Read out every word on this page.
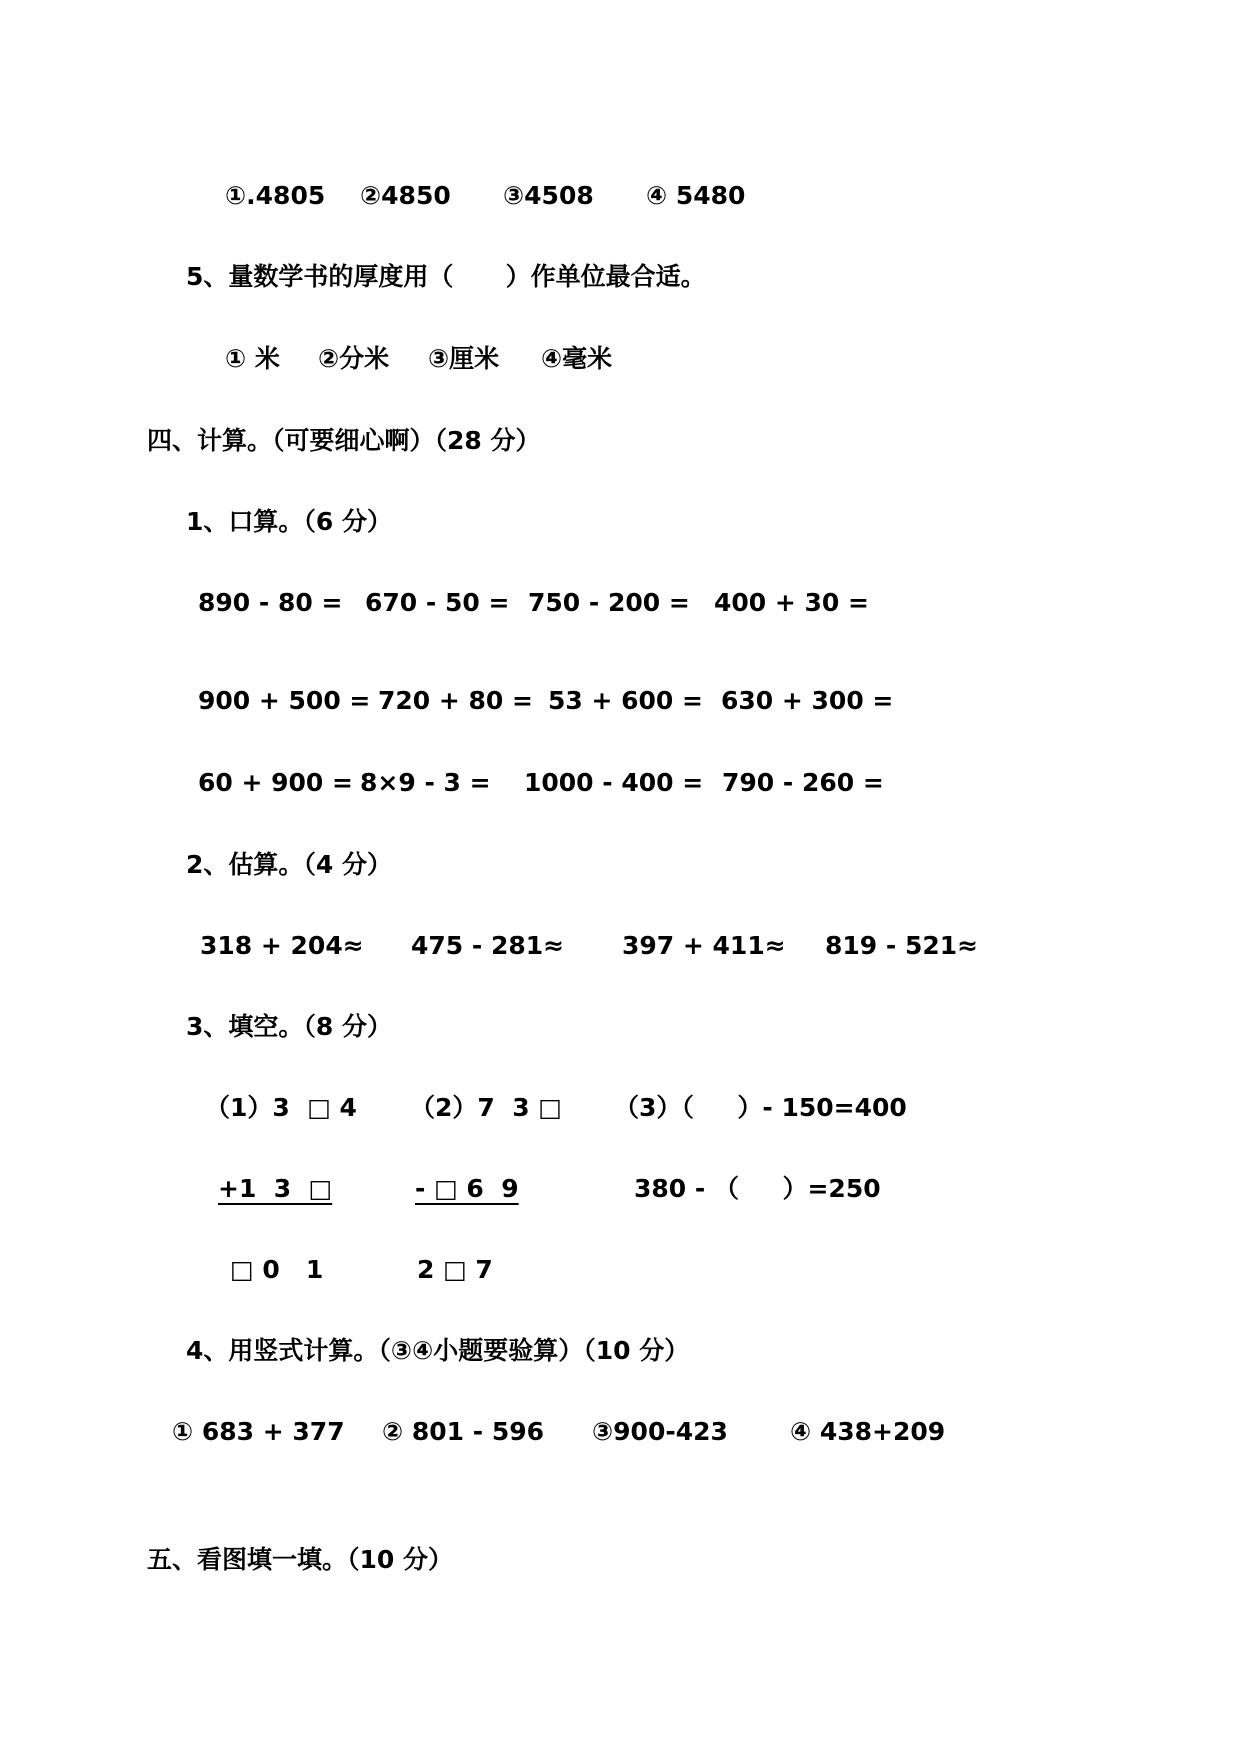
①.4805 ②4850 ③4508 ④ 5480
5、量数学书的厚度用（      ）作单位最合适。
① 米 ②分米 ③厘米 ④毫米
四、计算。（可要细心啊）（28 分）
1、口算。（6 分）
890 - 80 = 670 - 50 = 750 - 200 = 400 + 30 =
900 + 500 = 720 + 80 = 53 + 600 = 630 + 300 =
60 + 900 = 8×9 - 3 = 1000 - 400 = 790 - 260 =
2、估算。（4 分）
318 + 204≈ 475 - 281≈ 397 + 411≈ 819 - 521≈
3、填空。（8 分）
（1）3  □ 4 （2）7  3 □ （3）（     ）- 150=400
+1  3  □	- □ 6  9	380 - （     ）=250
□ 0   1	2 □ 7
4、用竖式计算。（③④小题要验算）（10 分）
① 683 + 377 ② 801 - 596 ③900-423 ④ 438+209
五、看图填一填。（10 分）
